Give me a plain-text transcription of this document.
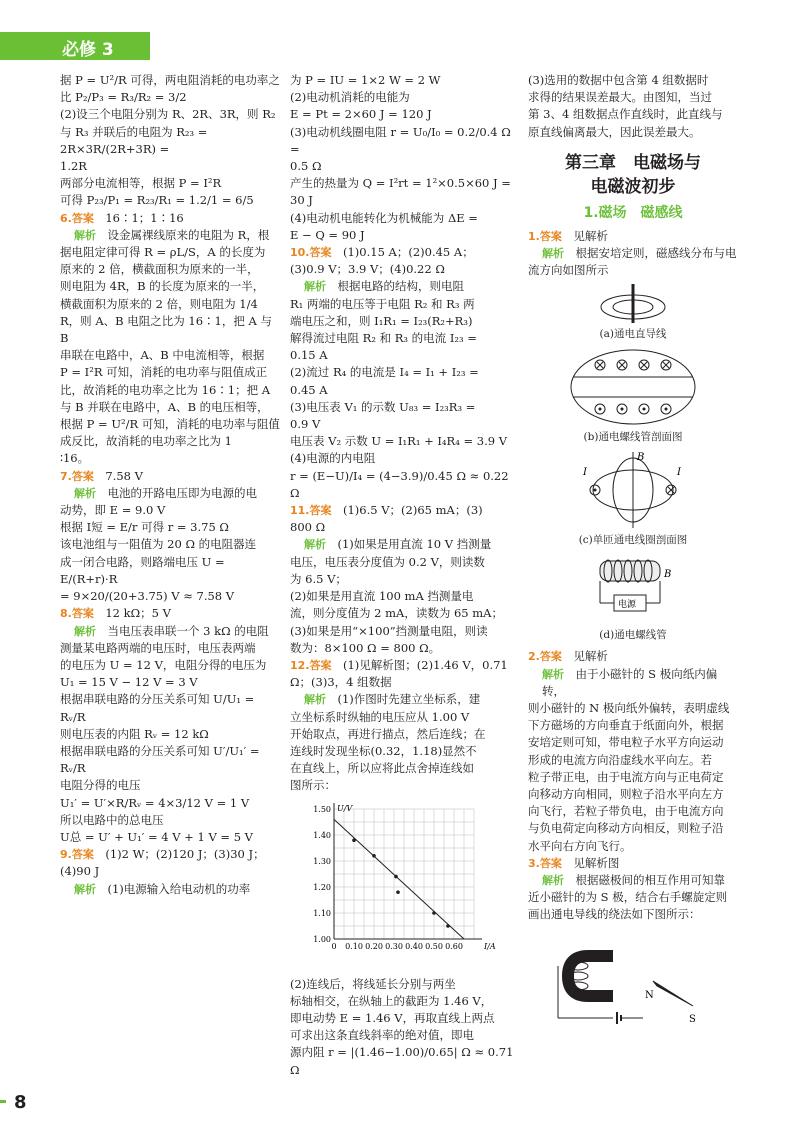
必修 3

据 P = U²/R 可得，两电阻消耗的电功率之

比 P₂/P₃ = R₃/R₂ = 3/2

(2)设三个电阻分别为 R、2R、3R，则 R₂

与 R₃ 并联后的电阻为 R₂₃ = 2R×3R/(2R+3R) =

1.2R

两部分电流相等，根据 P = I²R

可得 P₂₃/P₁ = R₂₃/R₁ = 1.2/1 = 6/5

6.答案　 16∶1；1∶16

解析　 设金属裸线原来的电阻为 R，根

据电阻定律可得 R = ρL/S，A 的长度为

原来的 2 倍，横截面积为原来的一半，

则电阻为 4R，B 的长度为原来的一半，

横截面积为原来的 2 倍，则电阻为 1/4

R，则 A、B 电阻之比为 16∶1，把 A 与 B

串联在电路中，A、B 中电流相等，根据

P = I²R 可知，消耗的电功率与阻值成正

比，故消耗的电功率之比为 16∶1；把 A

与 B 并联在电路中，A、B 的电压相等，

根据 P = U²/R 可知，消耗的电功率与阻值

成反比，故消耗的电功率之比为 1

∶16。

7.答案　 7.58 V

解析　 电池的开路电压即为电源的电

动势，即 E = 9.0 V

根据 I短 = E/r 可得 r = 3.75 Ω

该电池组与一阻值为 20 Ω 的电阻器连

成一闭合电路，则路端电压 U = E/(R+r)·R

= 9×20/(20+3.75) V ≈ 7.58 V

8.答案　 12 kΩ；5 V

解析　 当电压表串联一个 3 kΩ 的电阻

测量某电路两端的电压时，电压表两端

的电压为 U = 12 V，电阻分得的电压为

U₁ = 15 V − 12 V = 3 V

根据串联电路的分压关系可知 U/U₁ = Rᵥ/R

则电压表的内阻 Rᵥ = 12 kΩ

根据串联电路的分压关系可知 U′/U₁′ = Rᵥ/R

电阻分得的电压

U₁′ = U′×R/Rᵥ = 4×3/12 V = 1 V

所以电路中的总电压

U总 = U′ + U₁′ = 4 V + 1 V = 5 V

9.答案　 (1)2 W；(2)120 J；(3)30 J；

(4)90 J

解析　 (1)电源输入给电动机的功率

为 P = IU = 1×2 W = 2 W

(2)电动机消耗的电能为

E = Pt = 2×60 J = 120 J

(3)电动机线圈电阻 r = U₀/I₀ = 0.2/0.4 Ω =

0.5 Ω

产生的热量为 Q = I²rt = 1²×0.5×60 J =

30 J

(4)电动机电能转化为机械能为 ΔE =

E − Q = 90 J

10.答案　 (1)0.15 A；(2)0.45 A；

(3)0.9 V；3.9 V；(4)0.22 Ω

解析　 根据电路的结构，则电阻

R₁ 两端的电压等于电阻 R₂ 和 R₃ 两

端电压之和，则 I₁R₁ = I₂₃(R₂+R₃)

解得流过电阻 R₂ 和 R₃ 的电流 I₂₃ =

0.15 A

(2)流过 R₄ 的电流是 I₄ = I₁ + I₂₃ =

0.45 A

(3)电压表 V₁ 的示数 U₈₃ = I₂₃R₃ =

0.9 V

电压表 V₂ 示数 U = I₁R₁ + I₄R₄ = 3.9 V

(4)电源的内电阻

r = (E−U)/I₄ = (4−3.9)/0.45 Ω ≈ 0.22 Ω

11.答案　 (1)6.5 V；(2)65 mA；(3)

800 Ω

解析　 (1)如果是用直流 10 V 挡测量

电压，电压表分度值为 0.2 V，则读数

为 6.5 V；

(2)如果是用直流 100 mA 挡测量电

流，则分度值为 2 mA，读数为 65 mA；

(3)如果是用“×100”挡测量电阻，则读

数为：8×100 Ω = 800 Ω。

12.答案　 (1)见解析图；(2)1.46 V，0.71

Ω；(3)3，4 组数据

解析　 (1)作图时先建立坐标系，建

立坐标系时纵轴的电压应从 1.00 V

开始取点，再进行描点，然后连线；在

连线时发现坐标(0.32，1.18)显然不

在直线上，所以应将此点舍掉连线如

图所示：

1.00
1.10
1.20
1.30
1.40
1.50
0 0.10 0.20 0.30 0.40 0.50 0.60
U/V
I/A

(2)连线后，将线延长分别与两坐

标轴相交，在纵轴上的截距为 1.46 V，

即电动势 E = 1.46 V，再取直线上两点

可求出这条直线斜率的绝对值，即电

源内阻 r = |(1.46−1.00)/0.65| Ω ≈ 0.71 Ω

(3)选用的数据中包含第 4 组数据时

求得的结果误差最大。由图知，当过

第 3、4 组数据点作直线时，此直线与

原直线偏离最大，因此误差最大。

第三章　电磁场与
电磁波初步
1.磁场　磁感线

1.答案　 见解析

解析　 根据安培定则，磁感线分布与电

流方向如图所示

(a)通电直导线
(b)通电螺线管剖面图
I	I
B
(c)单匝通电线圈剖面图
电源
B
(d)通电螺线管

2.答案　 见解析

解析　 由于小磁针的 S 极向纸内偏转，

则小磁针的 N 极向纸外偏转，表明虚线

下方磁场的方向垂直于纸面向外，根据

安培定则可知，带电粒子水平方向运动

形成的电流方向沿虚线水平向左。若

粒子带正电，由于电流方向与正电荷定

向移动方向相同，则粒子沿水平向左方

向飞行，若粒子带负电，由于电流方向

与负电荷定向移动方向相反，则粒子沿

水平向右方向飞行。

3.答案　 见解析图

解析　 根据磁极间的相互作用可知靠

近小磁针的为 S 极，结合右手螺旋定则

画出通电导线的绕法如下图所示：

N
S
8
